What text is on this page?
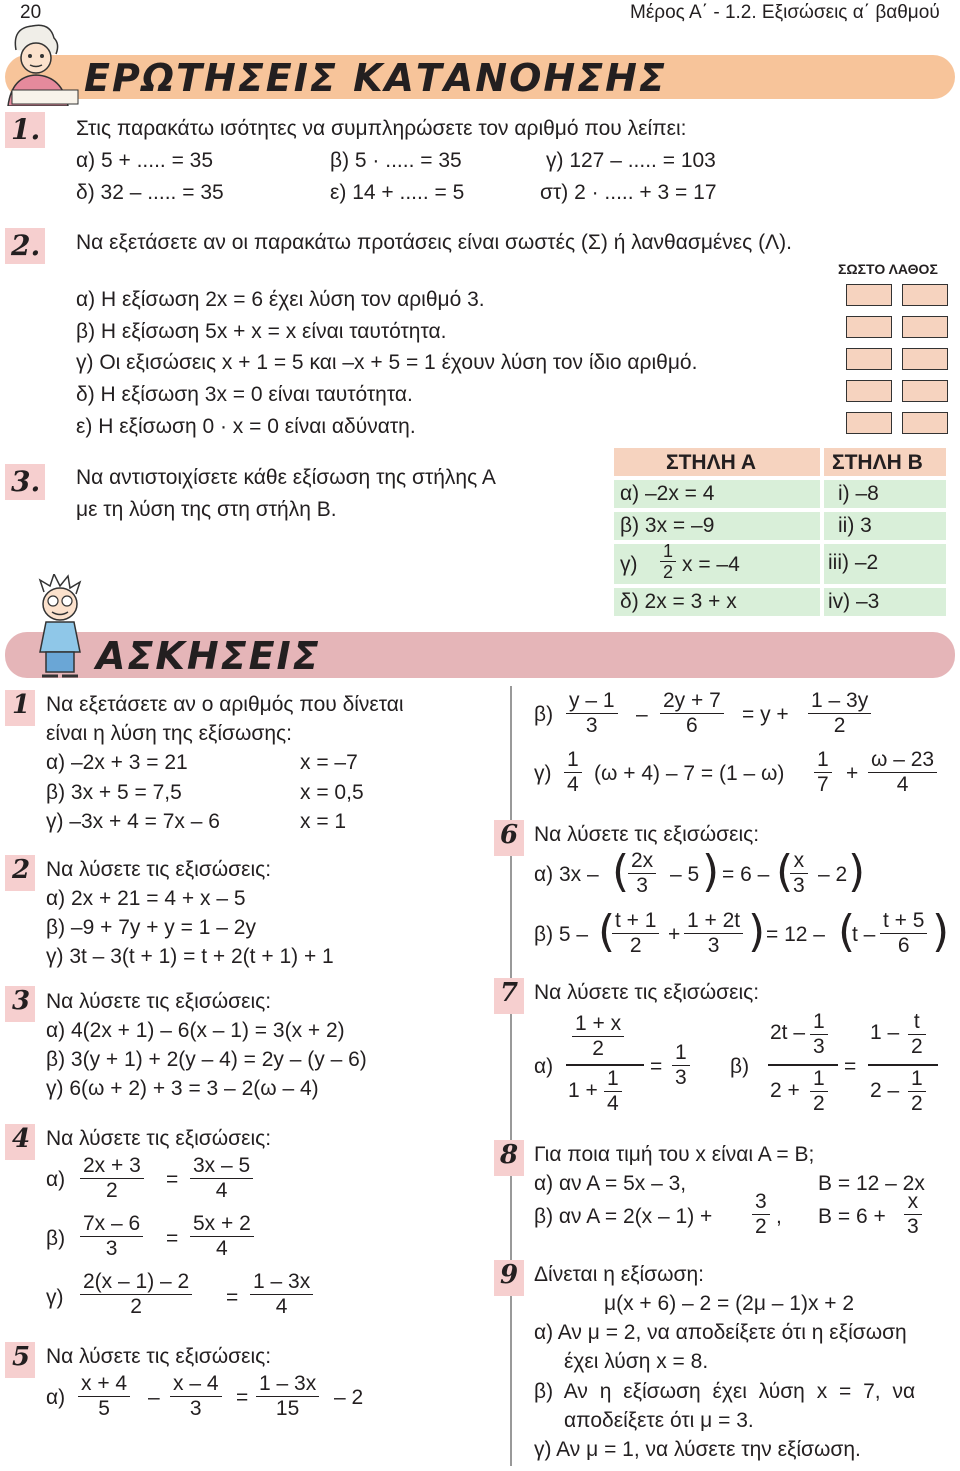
20	Μέρος Α΄ - 1.2. Εξισώσεις α΄ βαθμού
ΕΡΩΤΗΣΕΙΣ ΚΑΤΑΝΟΗΣΗΣ
1. Στις παρακάτω ισότητες να συμπληρώσετε τον αριθμό που λείπει:
α) 5 + ..... = 35	β) 5 · ..... = 35	γ) 127 – ..... = 103
δ) 32 – ..... = 35	ε) 14 + ..... = 5	στ) 2 · ..... + 3 = 17
2. Να εξετάσετε αν οι παρακάτω προτάσεις είναι σωστές (Σ) ή λανθασμένες (Λ).
ΣΩΣΤΟ ΛΑΘΟΣ
α) Η εξίσωση 2x = 6 έχει λύση τον αριθμό 3.
β) Η εξίσωση 5x + x = x είναι ταυτότητα.
γ) Οι εξισώσεις x + 1 = 5 και –x + 5 = 1 έχουν λύση τον ίδιο αριθμό.
δ) Η εξίσωση 3x = 0 είναι ταυτότητα.
ε) Η εξίσωση 0 · x = 0 είναι αδύνατη.
3. Να αντιστοιχίσετε κάθε εξίσωση της στήλης Α
με τη λύση της στη στήλη Β.
ΣΤΗΛΗ Α	ΣΤΗΛΗ Β
α) –2x = 4	i) –8
β) 3x = –9	ii) 3
$\gamma) \frac{1}{2}$ x = –4	iii) –2
δ) 2x = 3 + x	iv) –3
ΑΣΚΗΣΕΙΣ
1
2
3
4
5
Να εξετάσετε αν ο αριθμός που δίνεται
είναι η λύση της εξίσωσης:
α) –2x + 3 = 21	x = –7
β) 3x + 5 = 7,5	x = 0,5
γ) –3x + 4 = 7x – 6	x = 1
Να λύσετε τις εξισώσεις:
α) 2x + 21 = 4 + x – 5
β) –9 + 7y + y = 1 – 2y
γ) 3t – 3(t + 1) = t + 2(t + 1) + 1
Να λύσετε τις εξισώσεις:
α) 4(2x + 1) – 6(x – 1) = 3(x + 2)
β) 3(y + 1) + 2(y – 4) = 2y – (y – 6)
γ) 6(ω + 2) + 3 = 3 – 2(ω – 4)
Να λύσετε τις εξισώσεις:
$\alpha) \frac{2x + 3}{2} = \frac{3x - 5}{4}$
$\beta) \frac{7x - 6}{3} = \frac{5x + 2}{4}$
$\gamma) \frac{2(x - 1) - 2}{2} = \frac{1 - 3x}{4}$
Να λύσετε τις εξισώσεις:
$\alpha) \frac{x + 4}{5} - \frac{x - 4}{3} = \frac{1 - 3x}{15} - 2$
$\beta) \frac{y - 1}{3} - \frac{2y + 7}{6} = y + \frac{1 - 3y}{2}$
$\gamma) \frac{1}{4} (\omega + 4) - 7 = (1 - \omega) \frac{1}{7} + \frac{\omega - 23}{4}$
6
7
8
9
Να λύσετε τις εξισώσεις:
α) 3x – (
$\frac{2x}{3} - 5$ ) = 6 – (
$\frac{x}{3} - 2$ )
β) 5 – (
$\frac{t + 1}{2} + \frac{1 + 2t}{3}$ ) = 12 – (
t – $\frac{t + 5}{6}$ )
Να λύσετε τις εξισώσεις:
α)
$\frac{1 + x}{2}$
$1 + \frac{1}{4}$
= $\frac{1}{3} \beta$)
$2t - \frac{1}{3}$
$2 + \frac{1}{2}$
=
$1 - \frac{t}{2}$
$2 - \frac{1}{2}$
Για ποια τιμή του x είναι Α = Β;
α) αν Α = 5x – 3,	Β = 12 – 2x
β) αν $A = 2(x - 1) + \frac{3}{2}$ , $B = 6 + \frac{x}{3}$
Δίνεται η εξίσωση:
μ(x + 6) – 2 = (2μ – 1)x + 2
α) Αν μ = 2, να αποδείξετε ότι η εξίσωση
έχει λύση x = 8.
β) Αν η εξίσωση έχει λύση x = 7, να
αποδείξετε ότι μ = 3.
γ) Αν μ = 1, να λύσετε την εξίσωση.
